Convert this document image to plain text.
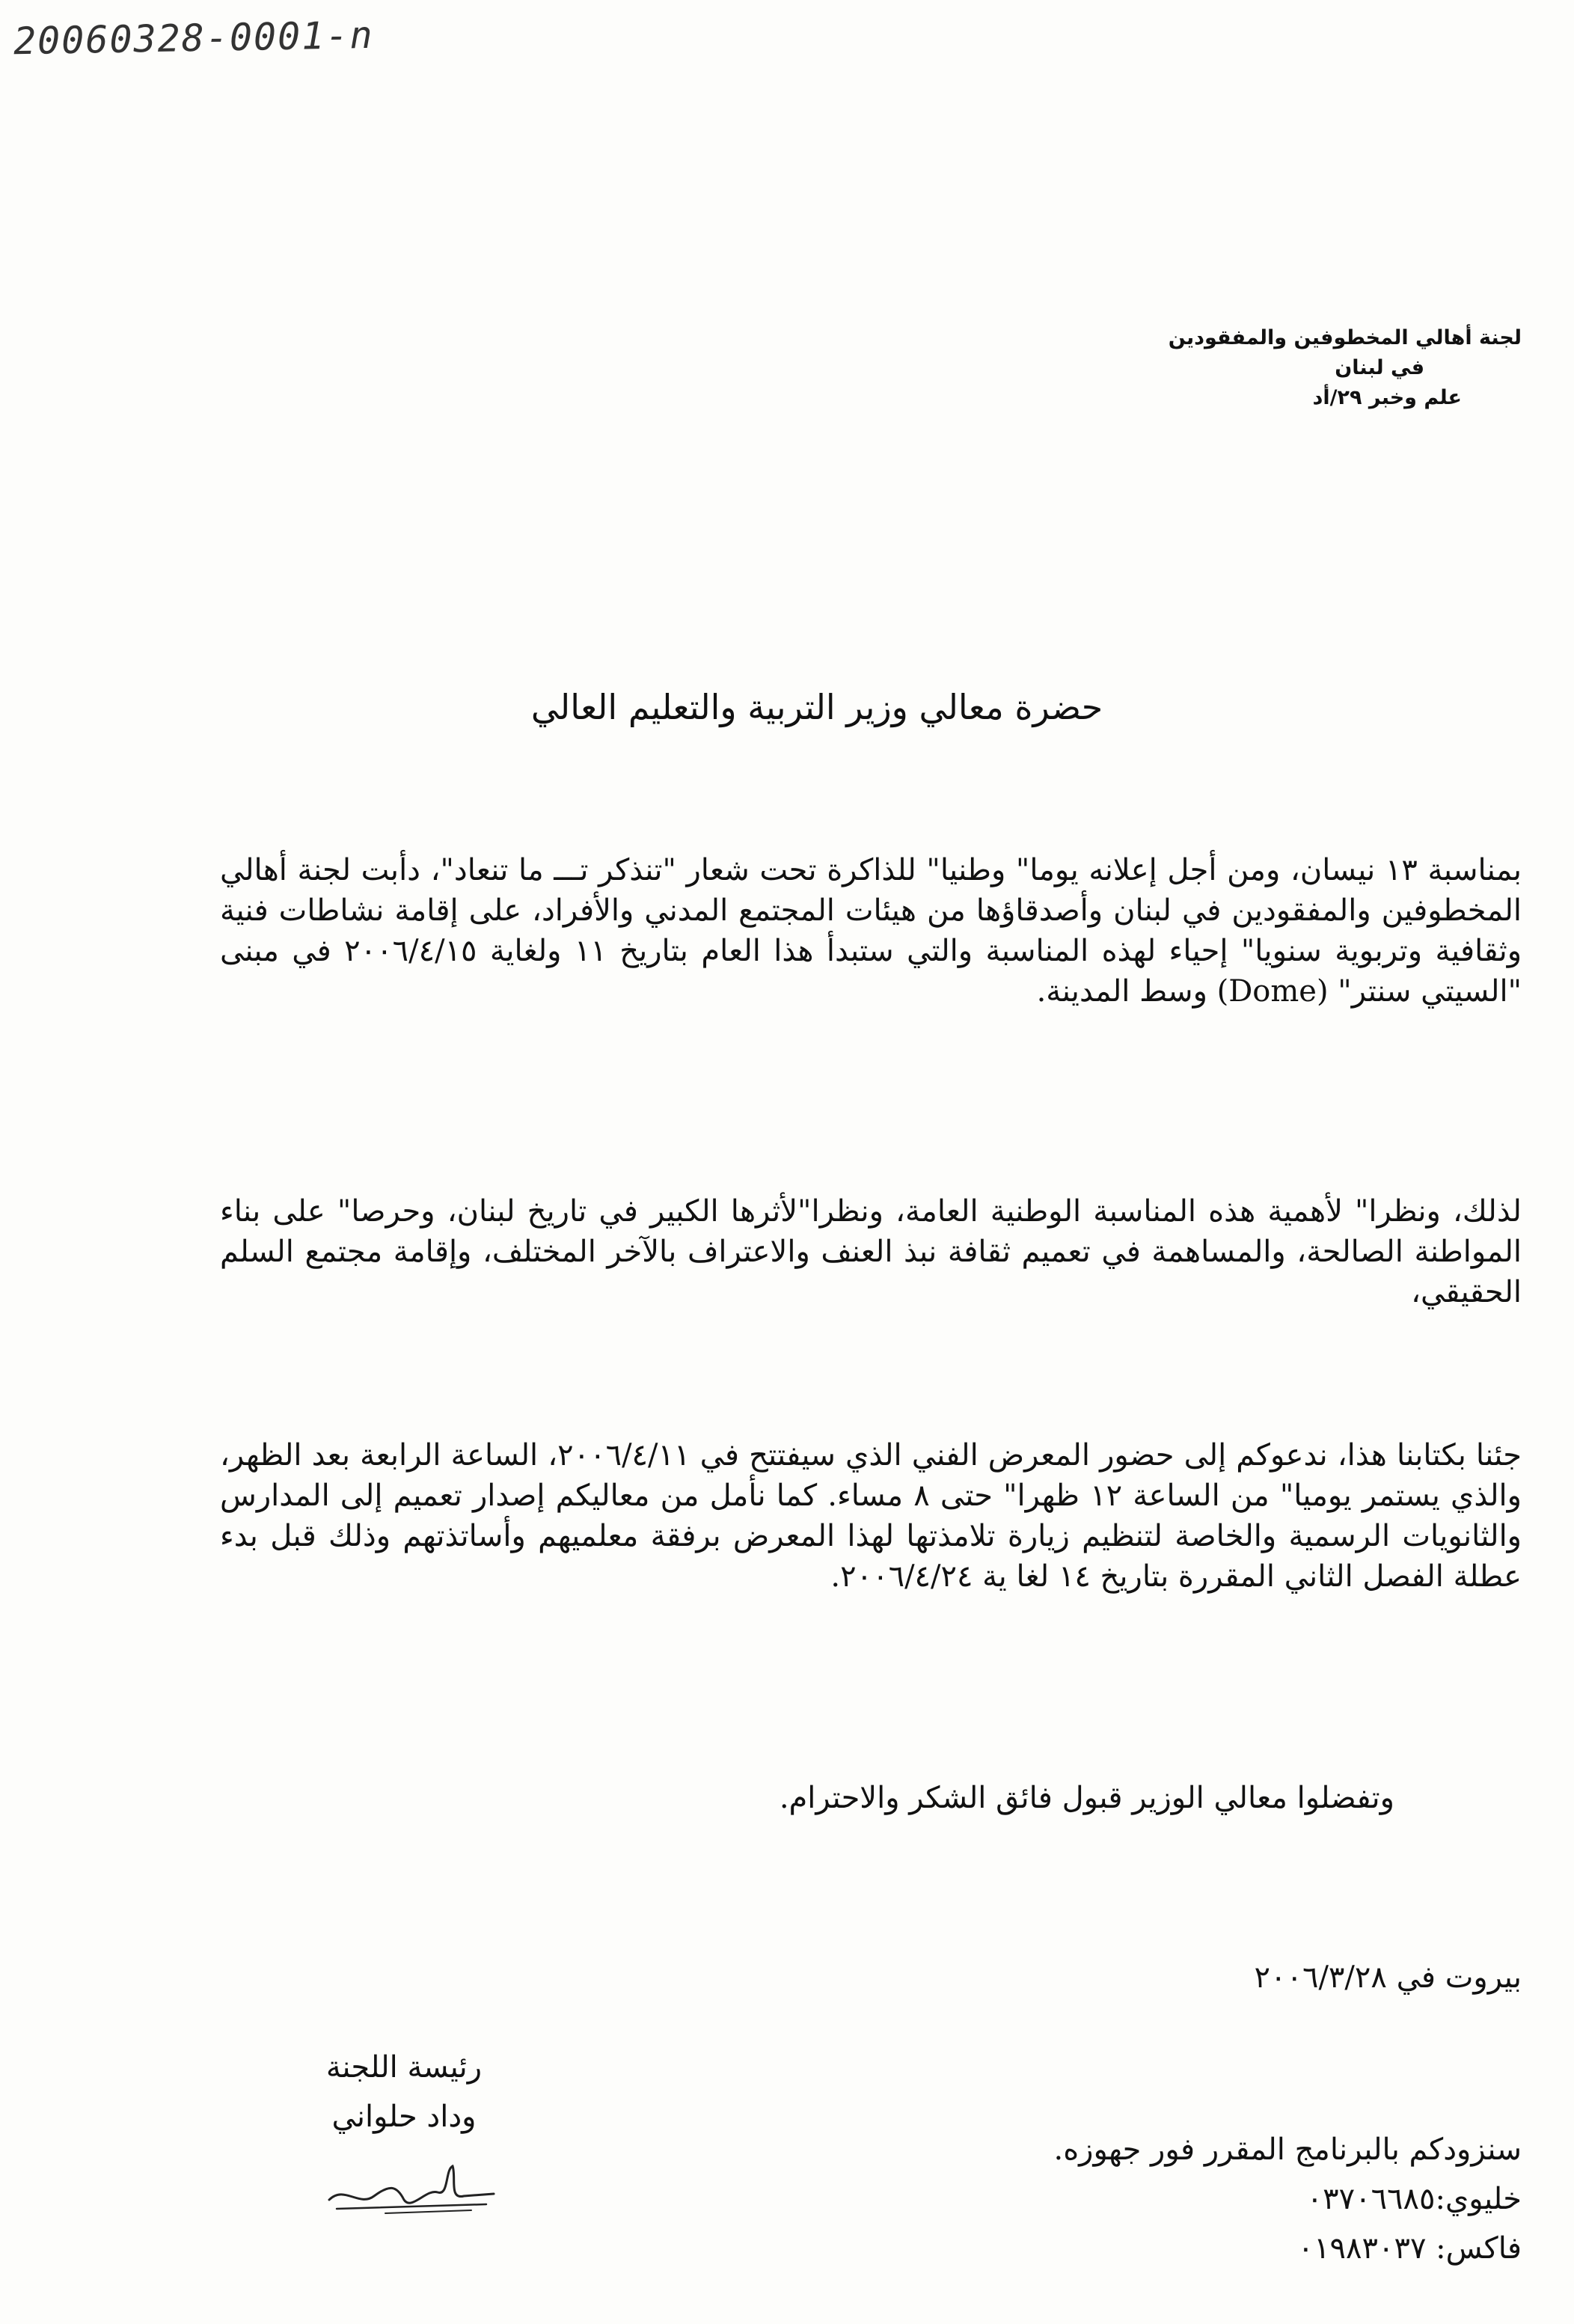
20060328-0001-n
لجنة أهالي المخطوفين والمفقودين
في لبنان
علم وخبر ٢٩/أد
حضرة معالي وزير التربية والتعليم العالي

بمناسبة ١٣ نيسان، ومن أجل إعلانه يوما" وطنيا" للذاكرة تحت شعار "تنذكر تـــ ما تنعاد"، دأبت لجنة أهالي المخطوفين والمفقودين في لبنان وأصدقاؤها من هيئات المجتمع المدني والأفراد، على إقامة نشاطات فنية وثقافية وتربوية سنويا" إحياء لهذه المناسبة والتي ستبدأ هذا العام بتاريخ ١١ ولغاية ٢٠٠٦/٤/١٥ في مبنى "السيتي سنتر" (Dome) وسط المدينة.

لذلك، ونظرا" لأهمية هذه المناسبة الوطنية العامة، ونظرا"لأثرها الكبير في تاريخ لبنان، وحرصا" على بناء المواطنة الصالحة، والمساهمة في تعميم ثقافة نبذ العنف والاعتراف بالآخر المختلف، وإقامة مجتمع السلم الحقيقي،

جئنا بكتابنا هذا، ندعوكم إلى حضور المعرض الفني الذي سيفتتح في ٢٠٠٦/٤/١١، الساعة الرابعة بعد الظهر، والذي يستمر يوميا" من الساعة ١٢ ظهرا" حتى ٨ مساء. كما نأمل من معاليكم إصدار تعميم إلى المدارس والثانويات الرسمية والخاصة لتنظيم زيارة تلامذتها لهذا المعرض برفقة معلميهم وأساتذتهم وذلك قبل بدء عطلة الفصل الثاني المقررة بتاريخ ١٤ لغا ية ٢٠٠٦/٤/٢٤.

وتفضلوا معالي الوزير قبول فائق الشكر والاحترام.
بيروت في ٢٠٠٦/٣/٢٨
رئيسة اللجنة
وداد حلواني
سنزودكم بالبرنامج المقرر فور جهوزه.
خليوي:٠٣٧٠٦٦٨٥
فاكس: ٠١٩٨٣٠٣٧
